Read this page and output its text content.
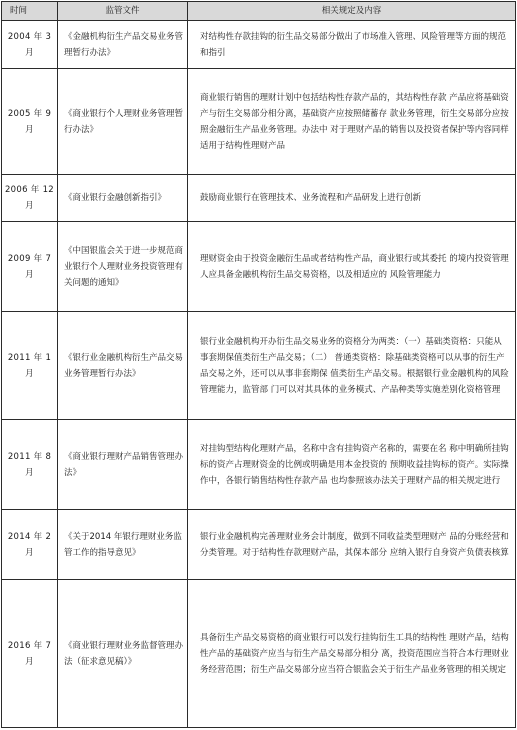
时间	监管文件	相关规定及内容
2004 年 3 月	《金融机构衍生产品交易业务管理暂行办法》	对结构性存款挂钩的衍生品交易部分做出了市场准入管理、风险管理等方面的规范和指引
2005 年 9 月	《商业银行个人理财业务管理暂行办法》	商业银行销售的理财计划中包括结构性存款产品的，其结构性存款 产品应将基础资产与衍生交易部分相分离，基础资产应按照储蓄存 款业务管理，衍生交易部分应按照金融衍生产品业务管理。办法中 对于理财产品的销售以及投资者保护等内容同样适用于结构性理财产品
2006 年 12 月	《商业银行金融创新指引》	鼓励商业银行在管理技术、业务流程和产品研发上进行创新
2009 年 7 月	《中国银监会关于进一步规范商业银行个人理财业务投资管理有关问题的通知》	理财资金由于投资金融衍生品或者结构性产品，商业银行或其委托 的境内投资管理人应具备金融机构衍生品交易资格，以及相适应的 风险管理能力
2011 年 1 月	《银行业金融机构衍生产品交易业务管理暂行办法》	银行业金融机构开办衍生品交易业务的资格分为两类：（一）基础类资格：只能从事套期保值类衍生产品交易；（二） 普通类资格：除基础类资格可以从事的衍生产品交易之外，还可以从事非套期保 值类衍生产品交易。根据银行业金融机构的风险管理能力，监管部 门可以对其具体的业务模式、产品种类等实施差别化资格管理
2011 年 8 月	《商业银行理财产品销售管理办法》	对挂钩型结构化理财产品，名称中含有挂钩资产名称的，需要在名 称中明确所挂钩标的资产占理财资金的比例或明确是用本金投资的 预期收益挂钩标的资产。实际操作中，各银行销售结构性存款产品 也均参照该办法关于理财产品的相关规定进行
2014 年 2 月	《关于2014 年银行理财业务监管工作的指导意见》	银行业金融机构完善理财业务会计制度，做到不同收益类型理财产 品的分账经营和分类管理。对于结构性存款理财产品，其保本部分 应纳入银行自身资产负债表核算
2016 年 7 月	《商业银行理财业务监督管理办法（征求意见稿）》	具备衍生产品交易资格的商业银行可以发行挂钩衍生工具的结构性 理财产品，结构性产品的基础资产应当与衍生产品交易部分相分 离，投资范围应当符合本行理财业务经营范围；衍生产品交易部分应当符合银监会关于衍生产品业务管理的相关规定
